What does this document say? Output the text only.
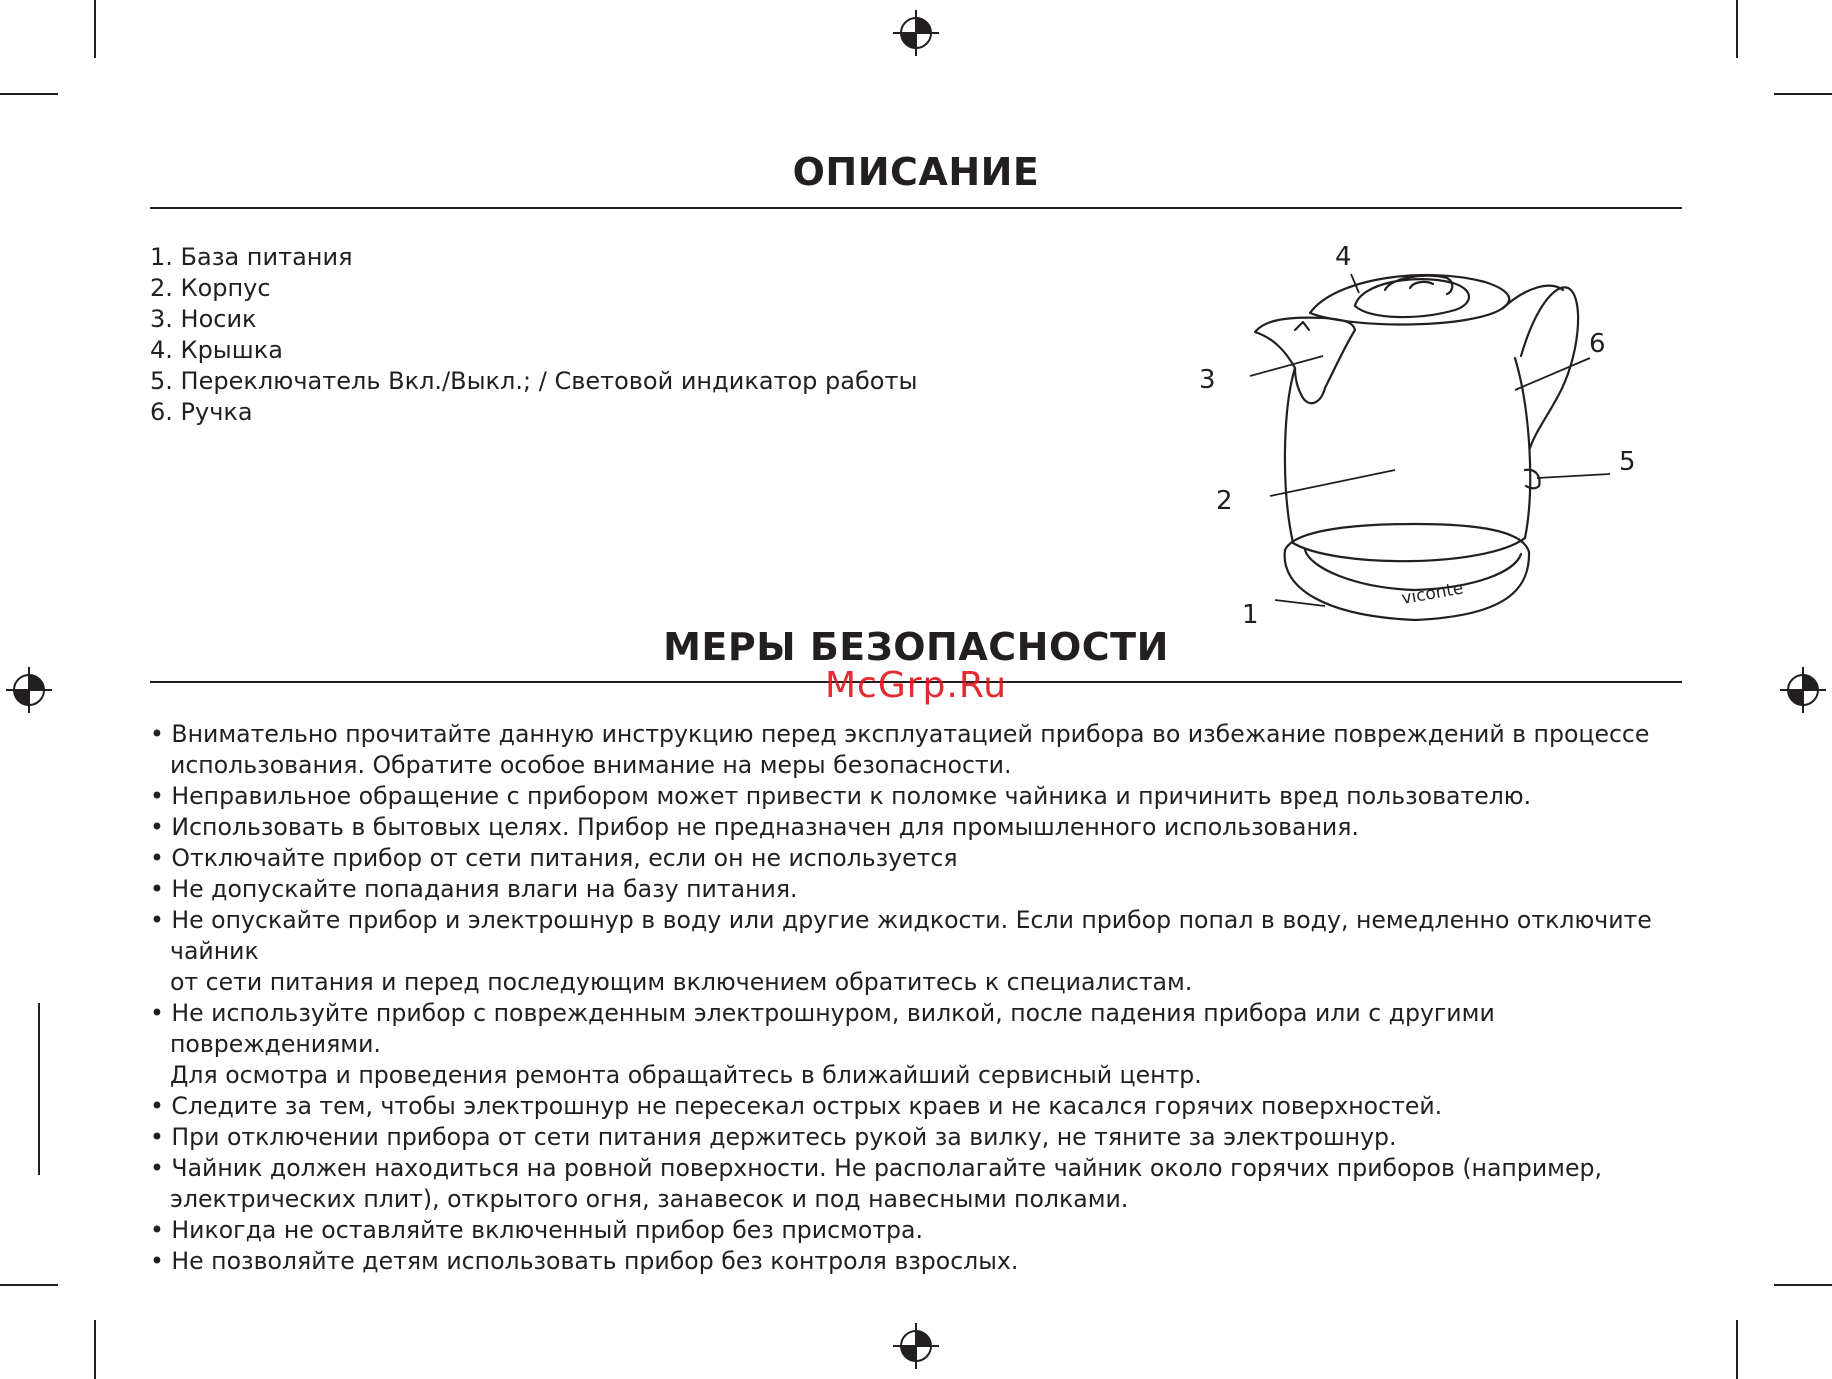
ОПИСАНИЕ
1. База питания
2. Корпус
3. Носик
4. Крышка
5. Переключатель Вкл./Выкл.; / Световой индикатор работы
6. Ручка
viconte
1
2
3
4
5
6
МЕРЫ БЕЗОПАСНОСТИ
McGrp.Ru
• Внимательно прочитайте данную инструкцию перед эксплуатацией прибора во избежание повреждений в процессе
использования. Обратите особое внимание на меры безопасности.
• Неправильное обращение с прибором может привести к поломке чайника и причинить вред пользователю.
• Использовать в бытовых целях. Прибор не предназначен для промышленного использования.
• Отключайте прибор от сети питания, если он не используется
• Не допускайте попадания влаги на базу питания.
• Не опускайте прибор и электрошнур в воду или другие жидкости. Если прибор попал в воду, немедленно отключите чайник
от сети питания и перед последующим включением обратитесь к специалистам.
• Не используйте прибор с поврежденным электрошнуром, вилкой, после падения прибора или с другими повреждениями.
Для осмотра и проведения ремонта обращайтесь в ближайший сервисный центр.
• Следите за тем, чтобы электрошнур не пересекал острых краев и не касался горячих поверхностей.
• При отключении прибора от сети питания держитесь рукой за вилку, не тяните за электрошнур.
• Чайник должен находиться на ровной поверхности. Не располагайте чайник около горячих приборов (например,
электрических плит), открытого огня, занавесок и под навесными полками.
• Никогда не оставляйте включенный прибор без присмотра.
• Не позволяйте детям использовать прибор без контроля взрослых.
